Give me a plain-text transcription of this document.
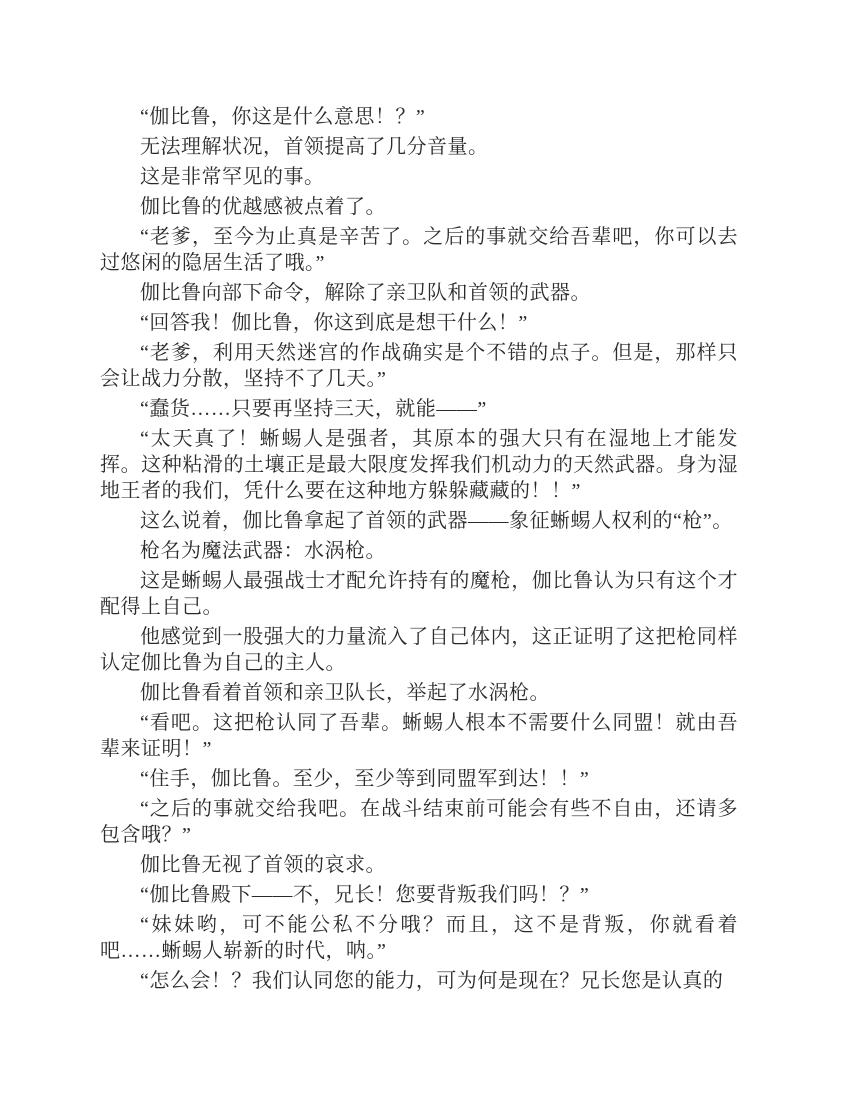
“伽比鲁，你这是什么意思！？”

无法理解状况，首领提高了几分音量。

这是非常罕见的事。

伽比鲁的优越感被点着了。

“老爹，至今为止真是辛苦了。之后的事就交给吾辈吧，你可以去过悠闲的隐居生活了哦。”

伽比鲁向部下命令，解除了亲卫队和首领的武器。

“回答我！伽比鲁，你这到底是想干什么！”

“老爹，利用天然迷宫的作战确实是个不错的点子。但是，那样只会让战力分散，坚持不了几天。”

“蠢货……只要再坚持三天，就能——”

“太天真了！蜥蜴人是强者，其原本的强大只有在湿地上才能发挥。这种粘滑的土壤正是最大限度发挥我们机动力的天然武器。身为湿地王者的我们，凭什么要在这种地方躲躲藏藏的！！”

这么说着，伽比鲁拿起了首领的武器——象征蜥蜴人权利的“枪”。

枪名为魔法武器：水涡枪。

这是蜥蜴人最强战士才配允许持有的魔枪，伽比鲁认为只有这个才配得上自己。

他感觉到一股强大的力量流入了自己体内，这正证明了这把枪同样认定伽比鲁为自己的主人。

伽比鲁看着首领和亲卫队长，举起了水涡枪。

“看吧。这把枪认同了吾辈。蜥蜴人根本不需要什么同盟！就由吾辈来证明！”

“住手，伽比鲁。至少，至少等到同盟军到达！！”

“之后的事就交给我吧。在战斗结束前可能会有些不自由，还请多包含哦？”

伽比鲁无视了首领的哀求。

“伽比鲁殿下——不，兄长！您要背叛我们吗！？”

“妹妹哟，可不能公私不分哦？而且，这不是背叛，你就看着吧……蜥蜴人崭新的时代，呐。”

“怎么会！？我们认同您的能力，可为何是现在？兄长您是认真的
